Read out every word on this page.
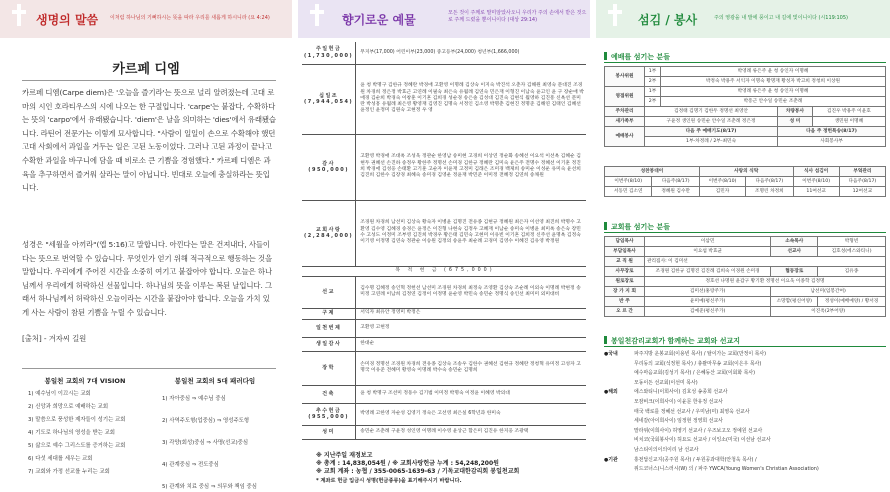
생명의 말씀 이처럼 하나님의 기뻐하시는 뜻을 따라 우리를 새롭게 하시니라 (요 4:24)
카르페 디엠

카르페 디엠(Carpe diem)은 '오늘을 즐기라'는 뜻으로 널리 알려졌는데 고대 로마의 시인 호라티우스의 시에 나오는 한 구절입니다. 'carpe'는 붙잡다, 수확하다는 뜻의 'carpo'에서 유래됐습니다. 'diem'은 날을 의미하는 'dies'에서 유래됐습니다. 라틴어 전문가는 이렇게 묘사합니다. "사람이 일일이 손으로 수확해야 했던 고대 사회에서 과일을 거두는 일은 고된 노동이었다. 그러나 고된 과정이 끝나고 수확한 과일을 바구니에 담을 때 비로소 큰 기쁨을 경험했다." 카르페 디엠은 과육을 추구하면서 즐거워 살라는 말이 아닙니다. 빈대로 오늘에 충실하라는 뜻입니다.

성경은 "세월을 아끼라"(엡 5:16)고 말합니다. 아낀다는 말은 건져내다, 사들이다는 뜻으로 번역할 수 있습니다. 무엇인가 얻기 위해 적극적으로 행동하는 것을 말합니다. 우리에게 주어진 시간을 소중히 여기고 붙잡아야 합니다. 오늘은 하나님께서 우리에게 허락하신 선물입니다. 하나님의 뜻을 이루는 복된 날입니다. 그래서 하나님께서 허락하신 오늘이라는 시간을 붙잡아야 합니다. 오늘을 가치 있게 사는 사람이 참된 기쁨을 누릴 수 있습니다.

[출처] - 겨자씨 길원

봉일천 교회의 7대 VISION	봉일천 교회의 5대 패러다임
1) 예수님이 이끄시는 교회
2) 신앙과 희망으로 예배하는 교회
3) 말씀으로 풍성한 제자들이 성기는 교회
4) 기도로 하나님의 영성을 받는 교회
5) 삶으로 예수 그리스도를 증거하는 교회
6) 다섯 세대를 세우는 교회
7) 교회와 가정 선교를 누리는 교회
1) 자아중심 ⇒ 예수님 중심
2) 사역주도형(업중심) ⇒ 영성주도형
3) 각양(회성)중심 ⇒ 사명(선교)중심
4) 관계중심 ⇒ 전도중심
5) 관계와 치료 중심 ⇒ 의무와 책임 중심
향기로운 예물	모든 것이 주께로 말미암았사오니 우리가 주의 손에서 받은 것으로 주께 드렸을 뿐이니이다 (대상 29:14)
주일헌금 (1,730,000)	무지부(17,000) 어린이부(23,000) 중고등부(24,000) 청년부(1,666,000)
십일조 (7,944,054)	윤 청 박명구 김한규 정혜란 박경애 고환영 이명례 김상숙 이지숙 박진석 오춘자 김해원 최영숙 문대진 조경원 차경희 정은정 박효근 고연례 이필숙 최은숙 유월례 김연숙 민은재 이형진 이남숙 윤고인 윤 구 장순애 박애경 김순희 박경숙 이창훈 이기흔 김희경 성순경 송은솔 김성대 김진숙 김현식 월영하 김진흥 신옥선 문미란 박성흥 유월례 최은영 황영재 김영진 김명숙 서정인 김소영 박명춘 김현진 정명준 김해연 김태인 김혜선 윤정인 윤정미 김원숙 고현정 우 영
감사 (950,000)	고환영 박경애 조대옥 조성욱 정관순 한영남 송미현 고경희 이상연 정순화 송혜선 이요석 이선옥 김혜순 김현두 권혜선 손진하 송정우 황한주 정명선 손미경 김한규 정혜란 김미숙 윤은주 전명수 정혜선 이기훈 정진희 박경애 김성웅 손태환 고기훈 고순자 이윤재 고정미 김래은 조미경 백제희 송미순 이성운 유미숙 윤선희 김진희 김한수 김장경 최혜숙 송미경 김영운 정윤재 박민준 이미정 전혜정 김연희 송채원
교회사랑 (2,284,000)	조경원 차경희 남선미 김상숙 황숙자 이병윤 김명진 전유종 김현규 정혜원 최은자 이선영 최진희 박명수 고환영 김수영 김혜경 송경은 윤정은 이진형 나현숙 김정우 고혜재 이남순 송미숙 이병윤 최미옥 송은숙 장민수 고성도 이정미 조부영 김진희 박경우 황은태 김민숙 고현미 이유빈 이기흔 김희정 신주선 윤명옥 김정숙 이기영 이정명 김연숙 정관순 이승원 김정의 송윤주 최순례 고경미 김영수 이혜진 김유영 박정원
목 적 헌 금 (675,000)	
선교	김수명 김혜정 송인혁 정헌선 남선미 조경원 차경희 최정숙 조영환 김상숙 조순례 이외숙 이명례 박현정 송미정 고연례 이남희 김정연 김정이 이정명 윤순영 박민숙 송민순 정명식 송인선 최미미 외미대비
구제	서익자 최유안 정영미 박정은
일천번제	고환영 고현정
생일감사	한대순
장학	손미경 정명선 조경원 차경희 전유종 김상숙 조송우 김한수 권혜선 김현규 정혜란 정청혁 유미정 고성자 고명국 이유준 전혜미 황영숙 이명례 박수숙 송민순 김명희
건축	윤 청 박명구 조선미 정동수 김기범 이미정 박명숙 이정윤 이혜영 박의대
추수헌금 (955,000)	박영례 고한영 자순성 김영기 정숙은 고선영 최은실 6학년과 한미숙
성미	송민순 조춘례 구윤정 성인영 이명례 이수영 윤상근 함은미 김진유 한지웅 조광택
※ 지난주일 재정보고
※ 총계 : 14,838,054원 / ※ 교회사랑헌금 누계 : 54,248,200원
※ 교회 계좌 : 농협 / 355-0065-1639-63 / 기독교대한감리회 봉일천교회
* 계좌로 헌금 입금시 성명(헌금종류)을 표기해주시기 바랍니다.
섬김 / 봉사	주의 영광을 내 발에 풍이고 내 길에 빛이니이다 (시119:105)
예배를 섬기는 분들
봉사위원	1부	박영례 류은주 윤 청 송인자 이명혜		
	2부	박정숙 박용주 서익자 이명숙 황명재 황성자 박고희 정청희 이상원		
영접위원	1부	박영례 류은주 윤 청 송인자 이명혜		
	2부	박흥근 안수일 송민순 조춘례		
주차관리	김정태 김명기 김한두 정명선 최영안		차량봉사	김진우 박용주 이윤호
새가족부	구윤정 생인원 송민순 안수일 조춘례 정은정		성 미	생민원 이명혜
예배봉사	다음 주 예배기도(8/17)		다음 주 정헌특송(8/17)	
	1부-차정례 / 2부-최민숙		사회봉사부	
성찬봉대이		사랑의 식탁		식사 섬김이	부엌관리
이번주(8/10)	다음주(8/17)	이번주(8/10)	다음주(8/17)	이번주(8/10)	다음주(8/17)
서동민 김소연	정혜원 김수만	김민자	조명린 차정희	11여선교	12여선교
교회를 섬기는 분들
담임목사	이삼민	소속목사	박형빈
부담임목사	이요섭 박효균	선교사	김호성(에스와티니)
교 직 원	관리집사: 이 김미선		
사무장로	조경원 김한규 김명진 김진례 김희숙 이경원 손미경	협동장로	김유종
원로장로	정호선 나명원 윤갑구 황기환 정명선 이요욱 이종학 김정명		
장 가 지 회	김미선(홍랑주가)	남선미(임봉간여)	
반 주	윤미예(평신주가)	소망합(평신어양)	정성이(예배예양) / 황서경
오 르 간	김예준(평신주가)	이진옥(2부어양)	
봉일천감리교회가 함께하는 교회와 선교지
●국내	파주지방 운봉교회(이용빈 목사) / 탈이가는 교회(만정이 목사)
무리동의 교회(석정현 목사) / 총괄마무송 교회(이은우 목사)
예수마음교회(김성기 목사) / 은혜동산 교회(이회화 목사)
모동이든 선교회(이선미 목사)
●해외	에스와티니(이희사이) 김호성 송종희 선교사
모잠비크(이희사이) 이윤문 한유정 선교사
태국 백로를 정혜선 선교사 / 우미남(미) 최영욱 선교사
세네갈(아이희사이) 임정현 정영희 선교사
말라위(이희사이) 허영기 선교사 / 우즈보고오 정예원 선교사
비치코(국회봉사이) 허요도 선교사 / 이잉소(미국) 이선남 선교사
남스티이의이의이리 남 선교사
●기관	홍천답신교지(공주원 목사) / 두원공과대학(안청욱 목사) /
위드코너스(니스러시(W) 의 / 파주 YWCA(Young Women's Christian Association)
